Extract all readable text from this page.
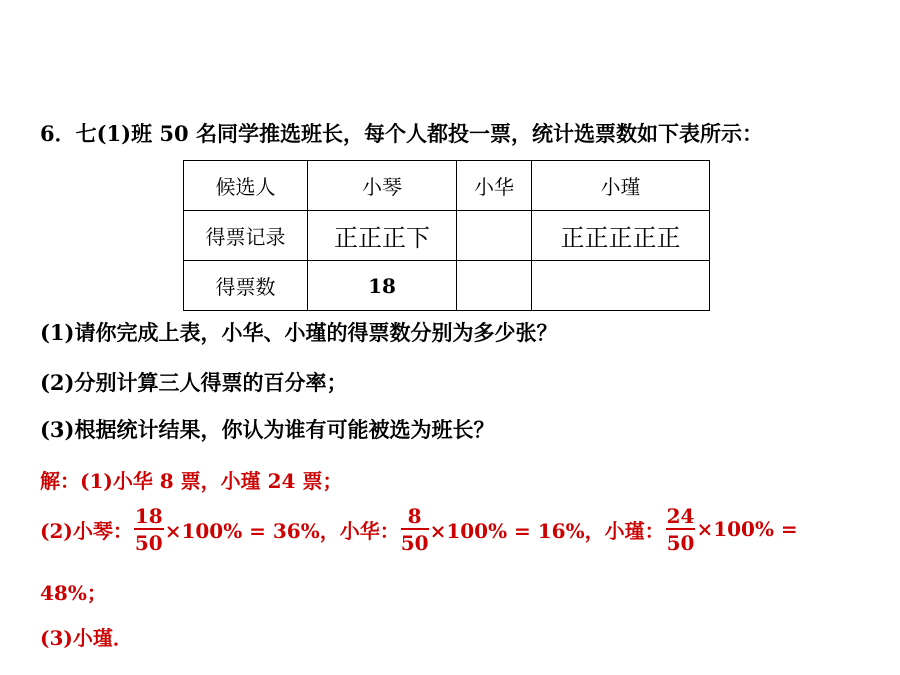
6．七(1)班 50 名同学推选班长，每个人都投一票，统计选票数如下表所示：
候选人	小琴	小华	小瑾
得票记录	正正正下		正正正正正
得票数	18		
(1)请你完成上表，小华、小瑾的得票数分别为多少张？
(2)分别计算三人得票的百分率；
(3)根据统计结果，你认为谁有可能被选为班长？
解：(1)小华 8 票，小瑾 24 票；
(2)小琴： $\frac{18}{50} \times 100\% = 36\%$，小华： $\frac{8}{50} \times 100\% = 16\%$，小瑾： $\frac{24}{50} \times 100\%$ =
48%；
(3)小瑾．
